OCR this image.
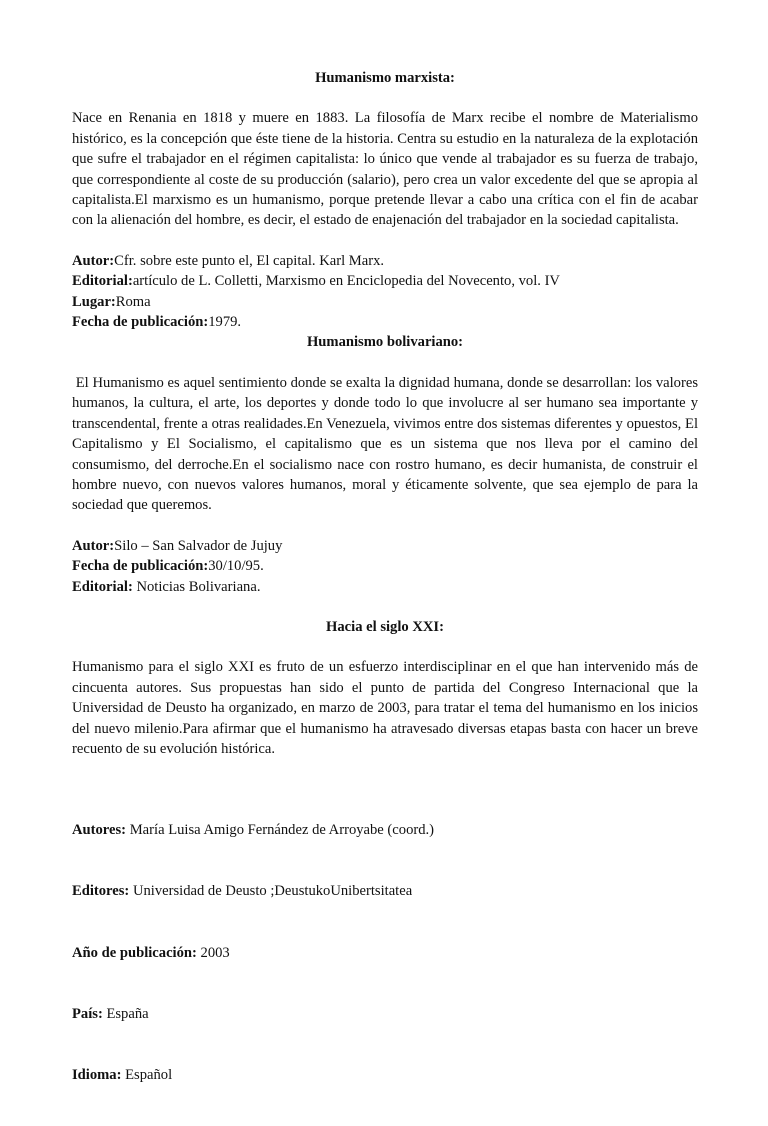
Humanismo marxista:

Nace en Renania en 1818 y muere en 1883. La filosofía de Marx recibe el nombre de Materialismo histórico, es la concepción que éste tiene de la historia. Centra su estudio en la naturaleza de la explotación que sufre el trabajador en el régimen capitalista: lo único que vende al trabajador es su fuerza de trabajo, que correspondiente al coste de su producción (salario), pero crea un valor excedente del que se apropia al capitalista.El marxismo es un humanismo, porque pretende llevar a cabo una crítica con el fin de acabar con la alienación del hombre, es decir, el estado de enajenación del trabajador en la sociedad capitalista.

Autor:Cfr. sobre este punto el, El capital. Karl Marx.

Editorial:artículo de L. Colletti, Marxismo en Enciclopedia del Novecento, vol. IV

Lugar:Roma

Fecha de publicación:1979.

Humanismo bolivariano:

El Humanismo es aquel sentimiento donde se exalta la dignidad humana, donde se desarrollan: los valores humanos, la cultura, el arte, los deportes y donde todo lo que involucre al ser humano sea importante y transcendental, frente a otras realidades.En Venezuela, vivimos entre dos sistemas diferentes y opuestos, El Capitalismo y El Socialismo, el capitalismo que es un sistema que nos lleva por el camino del consumismo, del derroche.En el socialismo nace con rostro humano, es decir humanista, de construir el hombre nuevo, con nuevos valores humanos, moral y éticamente solvente, que sea ejemplo de para la sociedad que queremos.

Autor:Silo – San Salvador de Jujuy

Fecha de publicación:30/10/95.

Editorial: Noticias Bolivariana.

Hacia el siglo XXI:

Humanismo para el siglo XXI es fruto de un esfuerzo interdisciplinar en el que han intervenido más de cincuenta autores. Sus propuestas han sido el punto de partida del Congreso Internacional que la Universidad de Deusto ha organizado, en marzo de 2003, para tratar el tema del humanismo en los inicios del nuevo milenio.Para afirmar que el humanismo ha atravesado diversas etapas basta con hacer un breve recuento de su evolución histórica.

Autores: María Luisa Amigo Fernández de Arroyabe (coord.)

Editores: Universidad de Deusto ;DeustukoUnibertsitatea

Año de publicación: 2003

País: España

Idioma: Español
